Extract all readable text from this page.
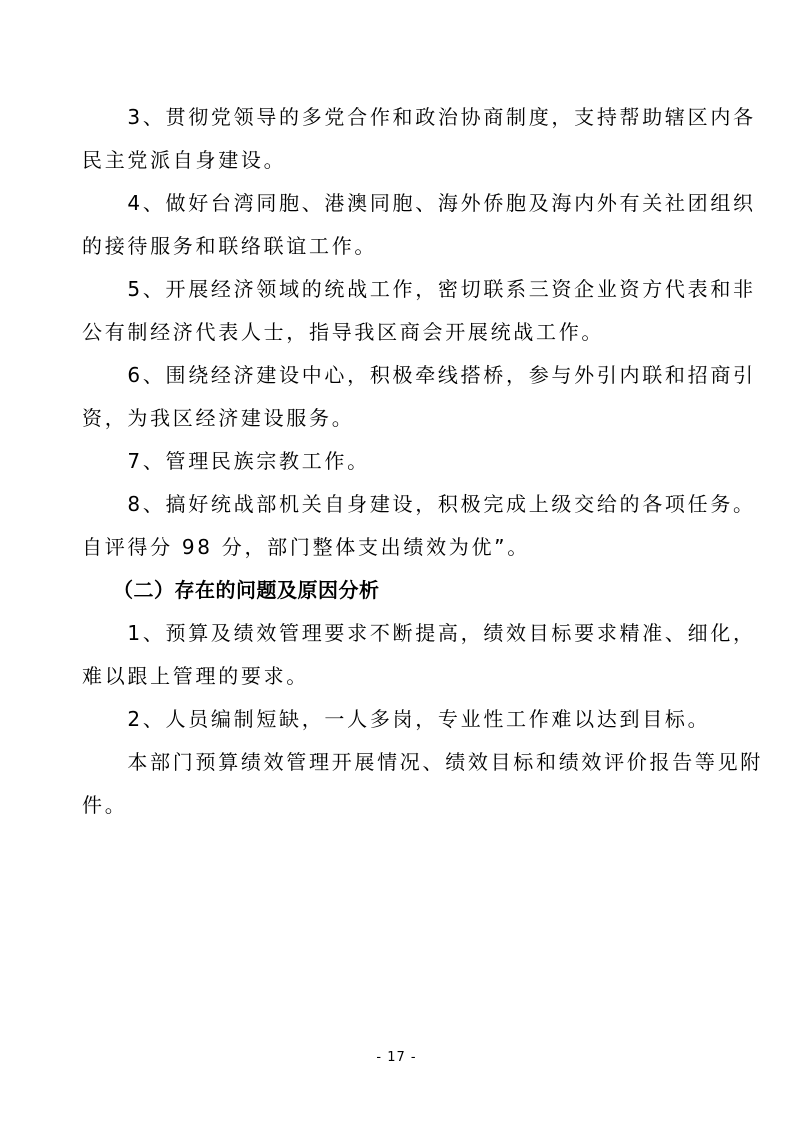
　　3、贯彻党领导的多党合作和政治协商制度，支持帮助辖区内各
民主党派自身建设。
　　4、做好台湾同胞、港澳同胞、海外侨胞及海内外有关社团组织
的接待服务和联络联谊工作。
　　5、开展经济领域的统战工作，密切联系三资企业资方代表和非
公有制经济代表人士，指导我区商会开展统战工作。
　　6、围绕经济建设中心，积极牵线搭桥，参与外引内联和招商引
资，为我区经济建设服务。
　　7、管理民族宗教工作。
　　8、搞好统战部机关自身建设，积极完成上级交给的各项任务。
自评得分 98 分，部门整体支出绩效为优”。
　　（二）存在的问题及原因分析
　　1、预算及绩效管理要求不断提高，绩效目标要求精准、细化，
难以跟上管理的要求。
　　2、人员编制短缺，一人多岗，专业性工作难以达到目标。
　　本部门预算绩效管理开展情况、绩效目标和绩效评价报告等见附
件。
- 17 -
